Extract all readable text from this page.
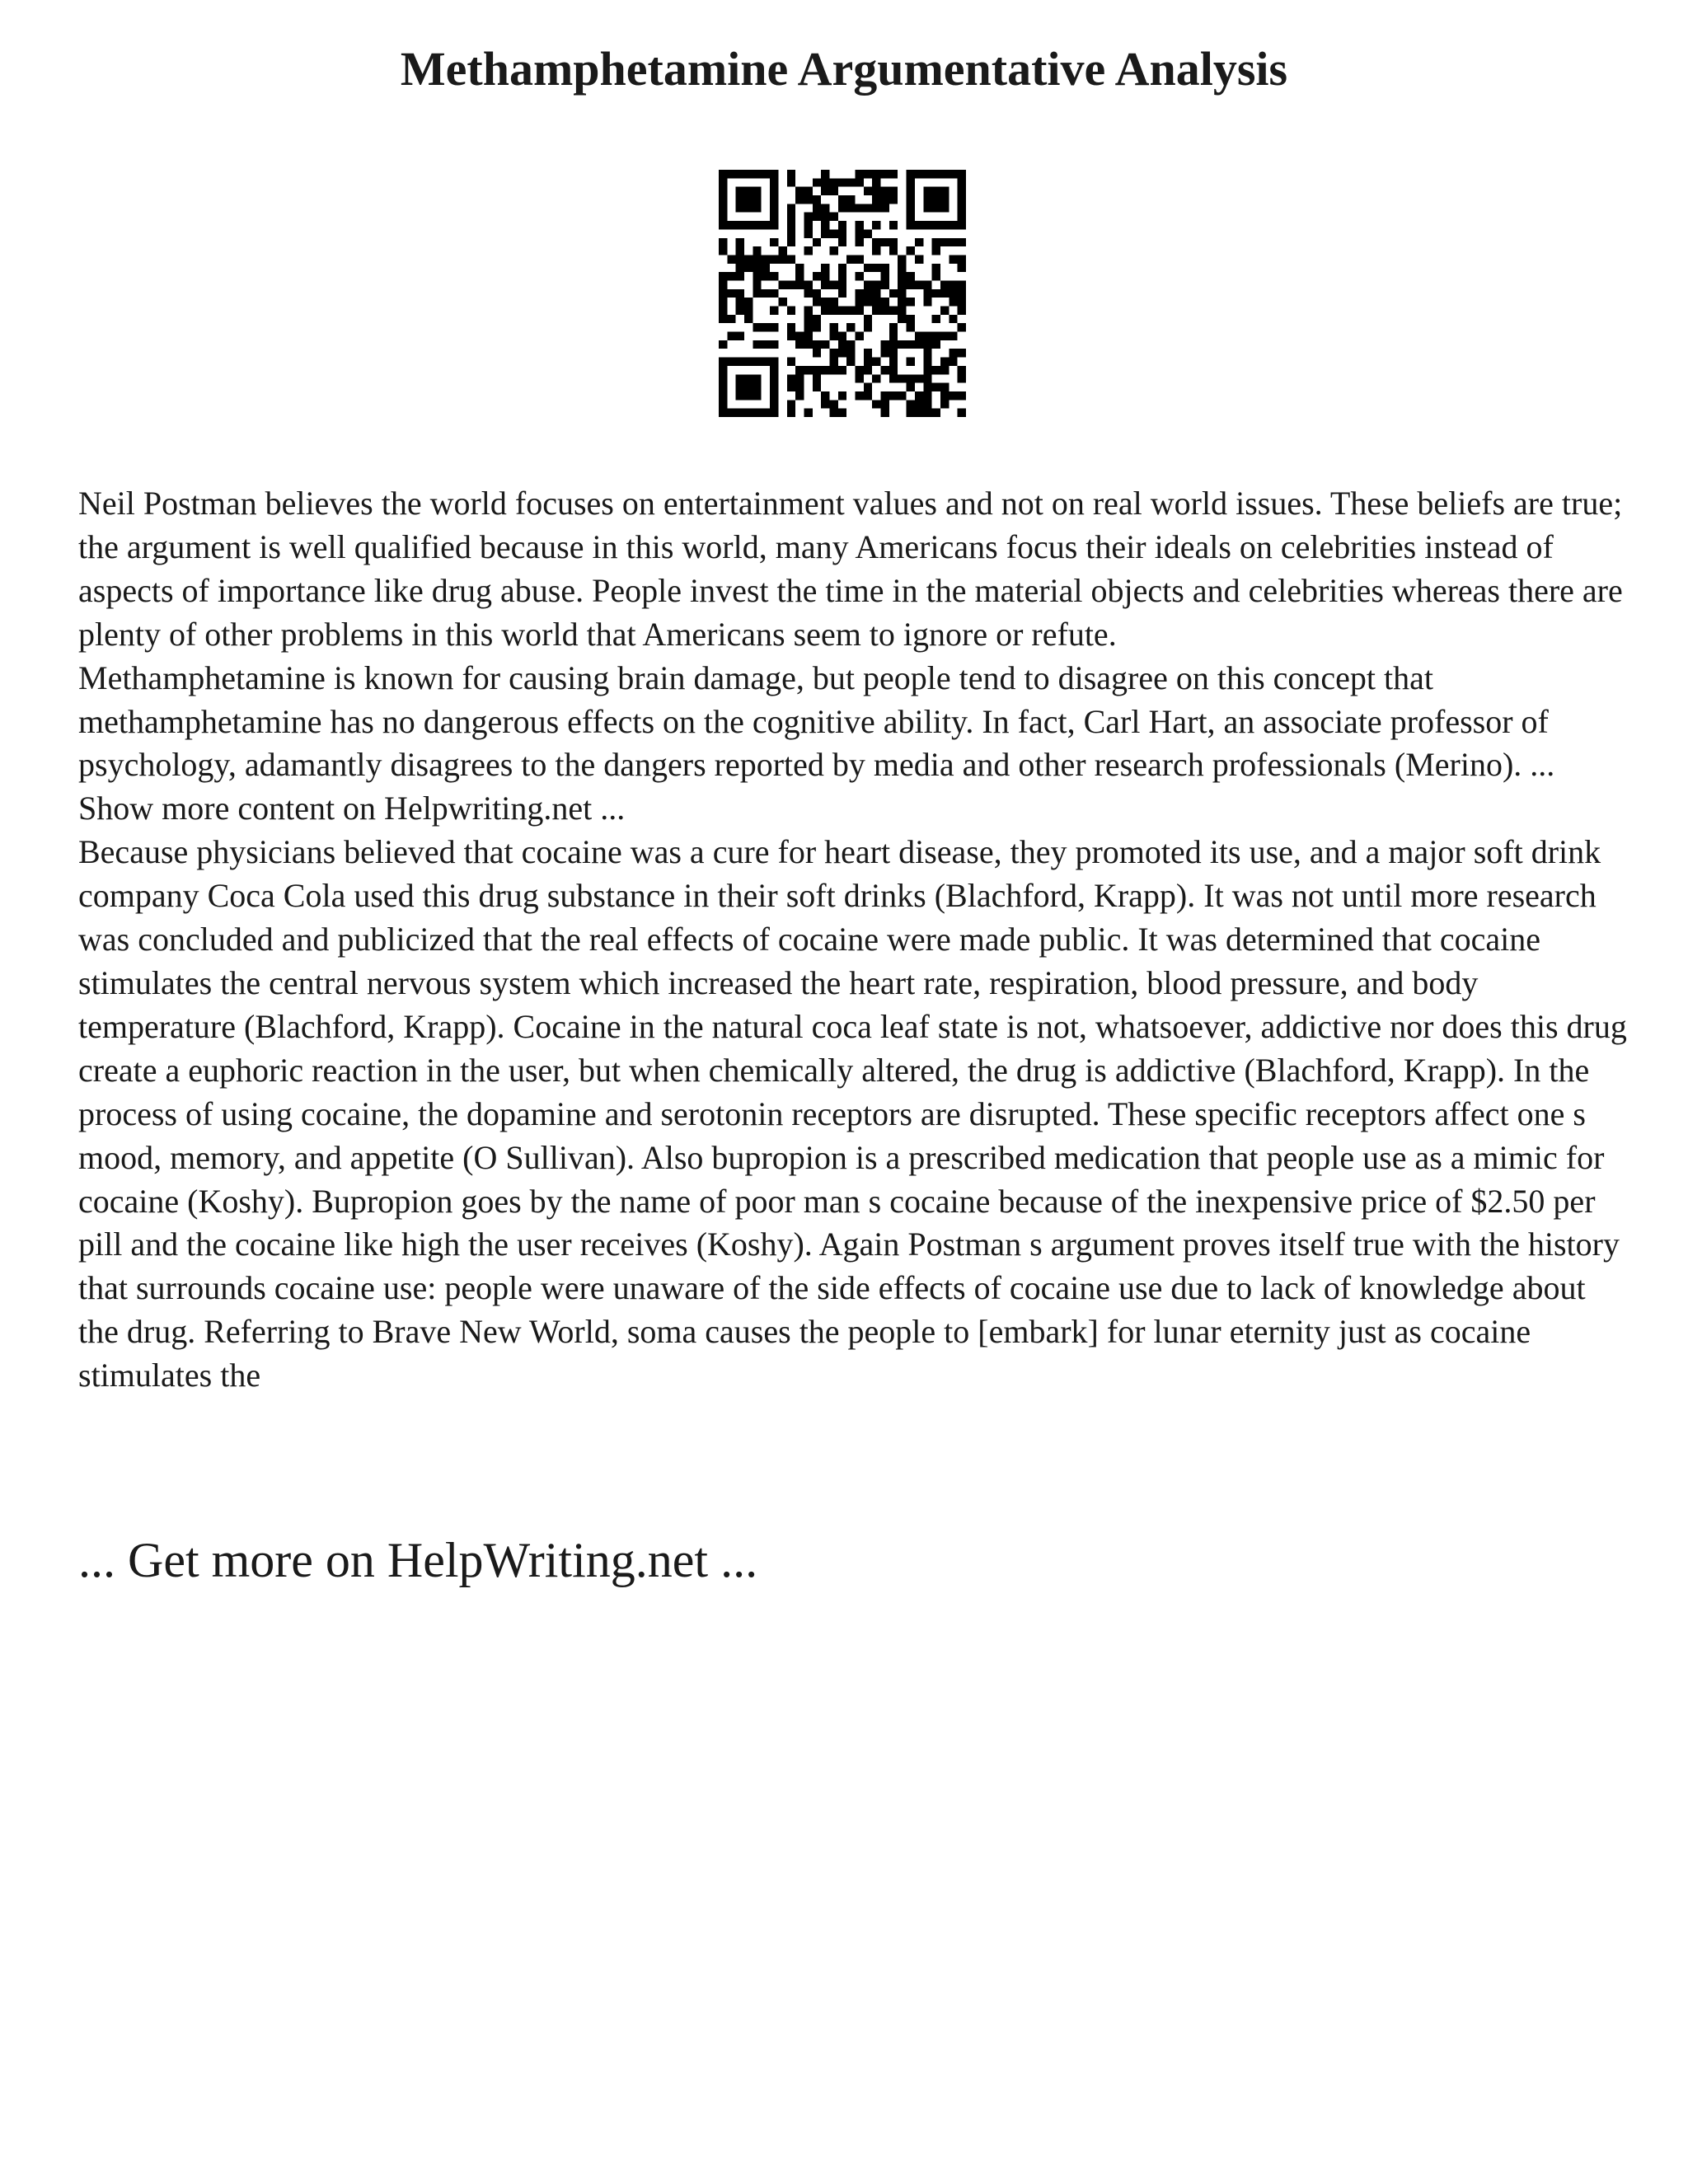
Methamphetamine Argumentative Analysis

Neil Postman believes the world focuses on entertainment values and not on real world issues. These beliefs are true; the argument is well qualified because in this world, many Americans focus their ideals on celebrities instead of aspects of importance like drug abuse. People invest the time in the material objects and celebrities whereas there are plenty of other problems in this world that Americans seem to ignore or refute.

Methamphetamine is known for causing brain damage, but people tend to disagree on this concept that methamphetamine has no dangerous effects on the cognitive ability. In fact, Carl Hart, an associate professor of psychology, adamantly disagrees to the dangers reported by media and other research professionals (Merino). ... Show more content on Helpwriting.net ...

Because physicians believed that cocaine was a cure for heart disease, they promoted its use, and a major soft drink company Coca Cola used this drug substance in their soft drinks (Blachford, Krapp). It was not until more research was concluded and publicized that the real effects of cocaine were made public. It was determined that cocaine stimulates the central nervous system which increased the heart rate, respiration, blood pressure, and body temperature (Blachford, Krapp). Cocaine in the natural coca leaf state is not, whatsoever, addictive nor does this drug create a euphoric reaction in the user, but when chemically altered, the drug is addictive (Blachford, Krapp). In the process of using cocaine, the dopamine and serotonin receptors are disrupted. These specific receptors affect one s mood, memory, and appetite (O Sullivan). Also bupropion is a prescribed medication that people use as a mimic for cocaine (Koshy). Bupropion goes by the name of poor man s cocaine because of the inexpensive price of $2.50 per pill and the cocaine like high the user receives (Koshy). Again Postman s argument proves itself true with the history that surrounds cocaine use: people were unaware of the side effects of cocaine use due to lack of knowledge about the drug. Referring to Brave New World, soma causes the people to [embark] for lunar eternity just as cocaine stimulates the

... Get more on HelpWriting.net ...
